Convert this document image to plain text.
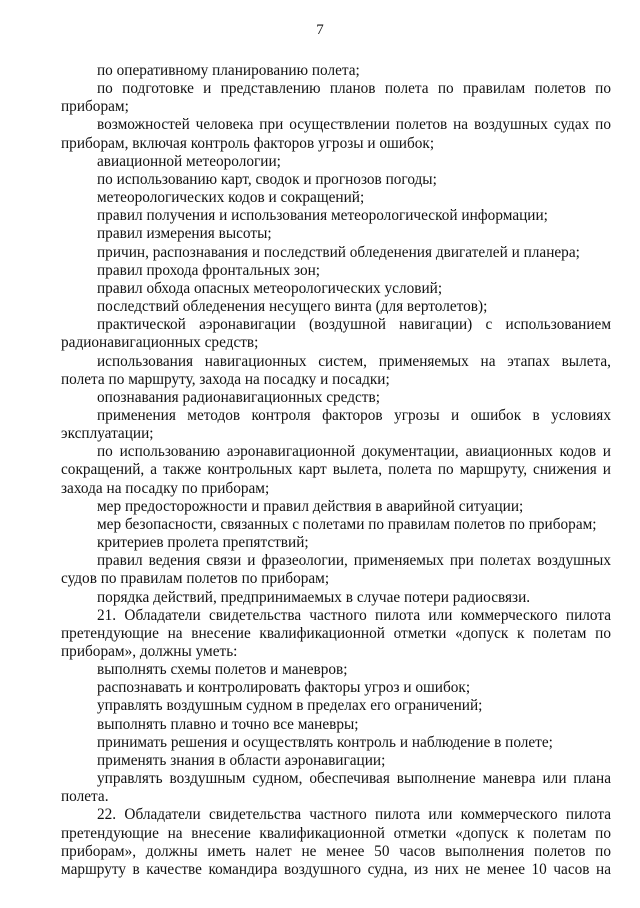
7

по оперативному планированию полета;

по подготовке и представлению планов полета по правилам полетов по приборам;

возможностей человека при осуществлении полетов на воздушных судах по приборам, включая контроль факторов угрозы и ошибок;

авиационной метеорологии;

по использованию карт, сводок и прогнозов погоды;

метеорологических кодов и сокращений;

правил получения и использования метеорологической информации;

правил измерения высоты;

причин, распознавания и последствий обледенения двигателей и планера;

правил прохода фронтальных зон;

правил обхода опасных метеорологических условий;

последствий обледенения несущего винта (для вертолетов);

практической аэронавигации (воздушной навигации) с использованием радионавигационных средств;

использования навигационных систем, применяемых на этапах вылета, полета по маршруту, захода на посадку и посадки;

опознавания радионавигационных средств;

применения методов контроля факторов угрозы и ошибок в условиях эксплуатации;

по использованию аэронавигационной документации, авиационных кодов и сокращений, а также контрольных карт вылета, полета по маршруту, снижения и захода на посадку по приборам;

мер предосторожности и правил действия в аварийной ситуации;

мер безопасности, связанных с полетами по правилам полетов по приборам;

критериев пролета препятствий;

правил ведения связи и фразеологии, применяемых при полетах воздушных судов по правилам полетов по приборам;

порядка действий, предпринимаемых в случае потери радиосвязи.

21. Обладатели свидетельства частного пилота или коммерческого пилота претендующие на внесение квалификационной отметки «допуск к полетам по приборам», должны уметь:

выполнять схемы полетов и маневров;

распознавать и контролировать факторы угроз и ошибок;

управлять воздушным судном в пределах его ограничений;

выполнять плавно и точно все маневры;

принимать решения и осуществлять контроль и наблюдение в полете;

применять знания в области аэронавигации;

управлять воздушным судном, обеспечивая выполнение маневра или плана полета.

22. Обладатели свидетельства частного пилота или коммерческого пилота претендующие на внесение квалификационной отметки «допуск к полетам по приборам», должны иметь налет не менее 50 часов выполнения полетов по маршруту в качестве командира воздушного судна, из них не менее 10 часов на
